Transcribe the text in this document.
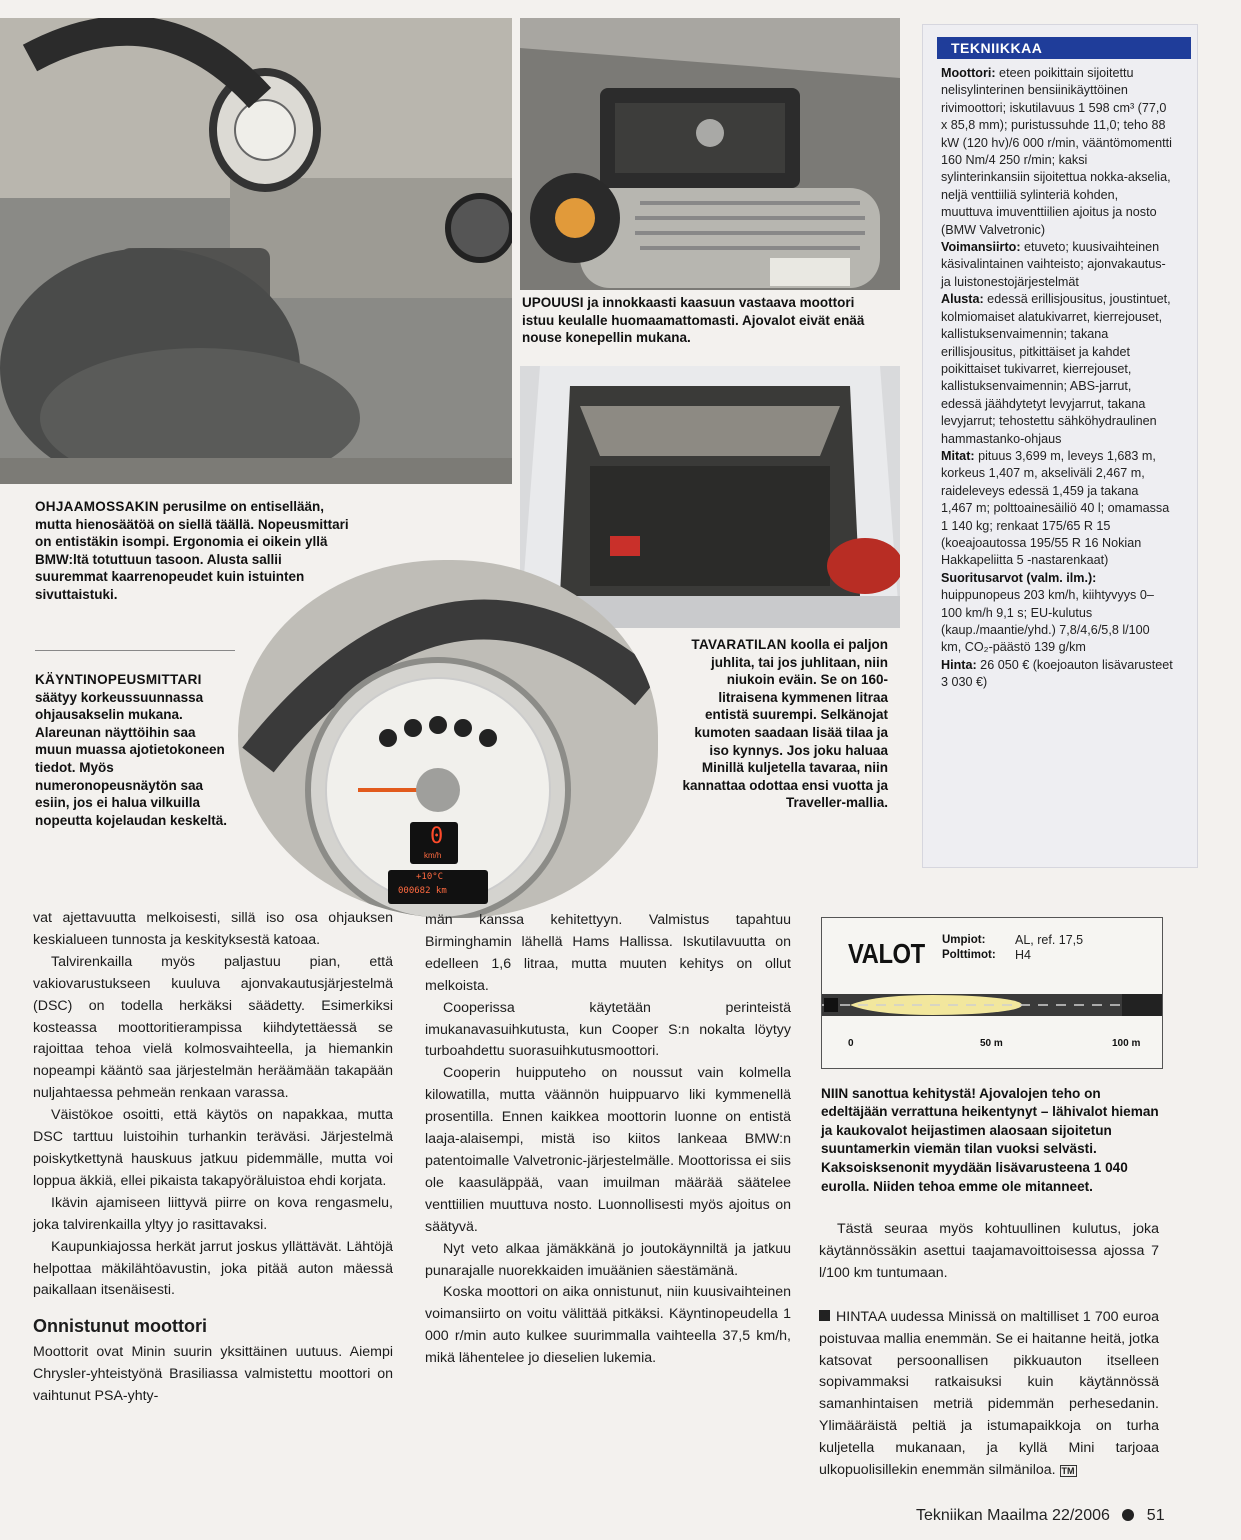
0
km/h
+10°C
000682 km

UPOUUSI ja innokkaasti kaasuun vastaava moottori istuu keulalle huomaamattomasti. Ajovalot eivät enää nouse konepellin mukana.

OHJAAMOSSAKIN perusilme on entisellään, mutta hienosäätöä on siellä täällä. Nopeusmittari on entistäkin isompi. Ergonomia ei oikein yllä BMW:ltä totuttuun tasoon. Alusta sallii suuremmat kaarrenopeudet kuin istuinten sivuttaistuki.

KÄYNTINOPEUSMITTARI säätyy korkeussuunnassa ohjausakselin mukana. Alareunan näyttöihin saa muun muassa ajotietokoneen tiedot. Myös numeronopeusnäytön saa esiin, jos ei halua vilkuilla nopeutta kojelaudan keskeltä.

TAVARATILAN koolla ei paljon juhlita, tai jos juhlitaan, niin niukoin eväin. Se on 160-litraisena kymmenen litraa entistä suurempi. Selkänojat kumoten saadaan lisää tilaa ja iso kynnys. Jos joku haluaa Minillä kuljetella tavaraa, niin kannattaa odottaa ensi vuotta ja Traveller-mallia.

TEKNIIKKAA

Moottori: eteen poikittain sijoitettu nelisylinterinen bensiinikäyttöinen rivimoottori; iskutilavuus 1 598 cm³ (77,0 x 85,8 mm); puristussuhde 11,0; teho 88 kW (120 hv)/6 000 r/min, vääntömomentti 160 Nm/4 250 r/min; kaksi sylinterinkansiin sijoitettua nokka-akselia, neljä venttiiliä sylinteriä kohden, muuttuva imuventtiilien ajoitus ja nosto (BMW Valvetronic)

Voimansiirto: etuveto; kuusivaihteinen käsivalintainen vaihteisto; ajonvakautus- ja luistonestojärjestelmät

Alusta: edessä erillisjousitus, joustintuet, kolmiomaiset alatukivarret, kierrejouset, kallistuksenvaimennin; takana erillisjousitus, pitkittäiset ja kahdet poikittaiset tukivarret, kierrejouset, kallistuksenvaimennin; ABS-jarrut, edessä jäähdytetyt levyjarrut, takana levyjarrut; tehostettu sähköhydraulinen hammastanko-ohjaus

Mitat: pituus 3,699 m, leveys 1,683 m, korkeus 1,407 m, akseliväli 2,467 m, raideleveys edessä 1,459 ja takana 1,467 m; polttoainesäiliö 40 l; omamassa 1 140 kg; renkaat 175/65 R 15 (koeajoautossa 195/55 R 16 Nokian Hakkapeliitta 5 -nastarenkaat)

Suoritusarvot (valm. ilm.): huippunopeus 203 km/h, kiihtyvyys 0–100 km/h 9,1 s; EU-kulutus (kaup./maantie/yhd.) 7,8/4,6/5,8 l/100 km, CO₂-päästö 139 g/km

Hinta: 26 050 € (koejoauton lisävarusteet 3 030 €)

vat ajettavuutta melkoisesti, sillä iso osa ohjauksen keskialueen tunnosta ja keskityksestä katoaa.

Talvirenkailla myös paljastuu pian, että vakiovarustukseen kuuluva ajonvakautusjärjestelmä (DSC) on todella herkäksi säädetty. Esimerkiksi kosteassa moottoritierampissa kiihdytettäessä se rajoittaa tehoa vielä kolmosvaihteella, ja hiemankin nopeampi kääntö saa järjestelmän heräämään takapään nuljahtaessa pehmeän renkaan varassa.

Väistökoe osoitti, että käytös on napakkaa, mutta DSC tarttuu luistoihin turhankin teräväsi. Järjestelmä poiskytkettynä hauskuus jatkuu pidemmälle, mutta voi loppua äkkiä, ellei pikaista takapyöräluistoa ehdi korjata.

Ikävin ajamiseen liittyvä piirre on kova rengasmelu, joka talvirenkailla yltyy jo rasittavaksi.

Kaupunkiajossa herkät jarrut joskus yllättävät. Lähtöjä helpottaa mäkilähtöavustin, joka pitää auton mäessä paikallaan itsenäisesti.

Onnistunut moottori

Moottorit ovat Minin suurin yksittäinen uutuus. Aiempi Chrysler-yhteistyönä Brasiliassa valmistettu moottori on vaihtunut PSA-yhty-

män kanssa kehitettyyn. Valmistus tapahtuu Birminghamin lähellä Hams Hallissa. Iskutilavuutta on edelleen 1,6 litraa, mutta muuten kehitys on ollut melkoista.

Cooperissa käytetään perinteistä imukanavasuihkutusta, kun Cooper S:n nokalta löytyy turboahdettu suorasuihkutusmoottori.

Cooperin huipputeho on noussut vain kolmella kilowatilla, mutta väännön huippuarvo liki kymmenellä prosentilla. Ennen kaikkea moottorin luonne on entistä laaja-alaisempi, mistä iso kiitos lankeaa BMW:n patentoimalle Valvetronic-järjestelmälle. Moottorissa ei siis ole kaasuläppää, vaan imuilman määrää säätelee venttiilien muuttuva nosto. Luonnollisesti myös ajoitus on säätyvä.

Nyt veto alkaa jämäkkänä jo joutokäynniltä ja jatkuu punarajalle nuorekkaiden imuäänien säestämänä.

Koska moottori on aika onnistunut, niin kuusivaihteinen voimansiirto on voitu välittää pitkäksi. Käyntinopeudella 1 000 r/min auto kulkee suurimmalla vaihteella 37,5 km/h, mikä lähentelee jo dieselien lukemia.

Tästä seuraa myös kohtuullinen kulutus, joka käytännössäkin asettui taajamavoittoisessa ajossa 7 l/100 km tuntumaan.

HINTAA uudessa Minissä on maltilliset 1 700 euroa poistuvaa mallia enemmän. Se ei haitanne heitä, jotka katsovat persoonallisen pikkuauton itselleen sopivammaksi ratkaisuksi kuin käytännössä samanhintaisen metriä pidemmän perhesedanin. Ylimääräistä peltiä ja istumapaikkoja on turha kuljetella mukanaan, ja kyllä Mini tarjoaa ulkopuolisillekin enemmän silmäniloa. TM

VALOT Umpiot: AL, ref. 17,5
Polttimot: H4
0	50 m	100 m

NIIN sanottua kehitystä! Ajovalojen teho on edeltäjään verrattuna heikentynyt – lähivalot hieman ja kaukovalot heijastimen alaosaan sijoitetun suuntamerkin viemän tilan vuoksi selvästi. Kaksoisksenonit myydään lisävarusteena 1 040 eurolla. Niiden tehoa emme ole mitanneet.

Tekniikan Maailma 22/2006 51
